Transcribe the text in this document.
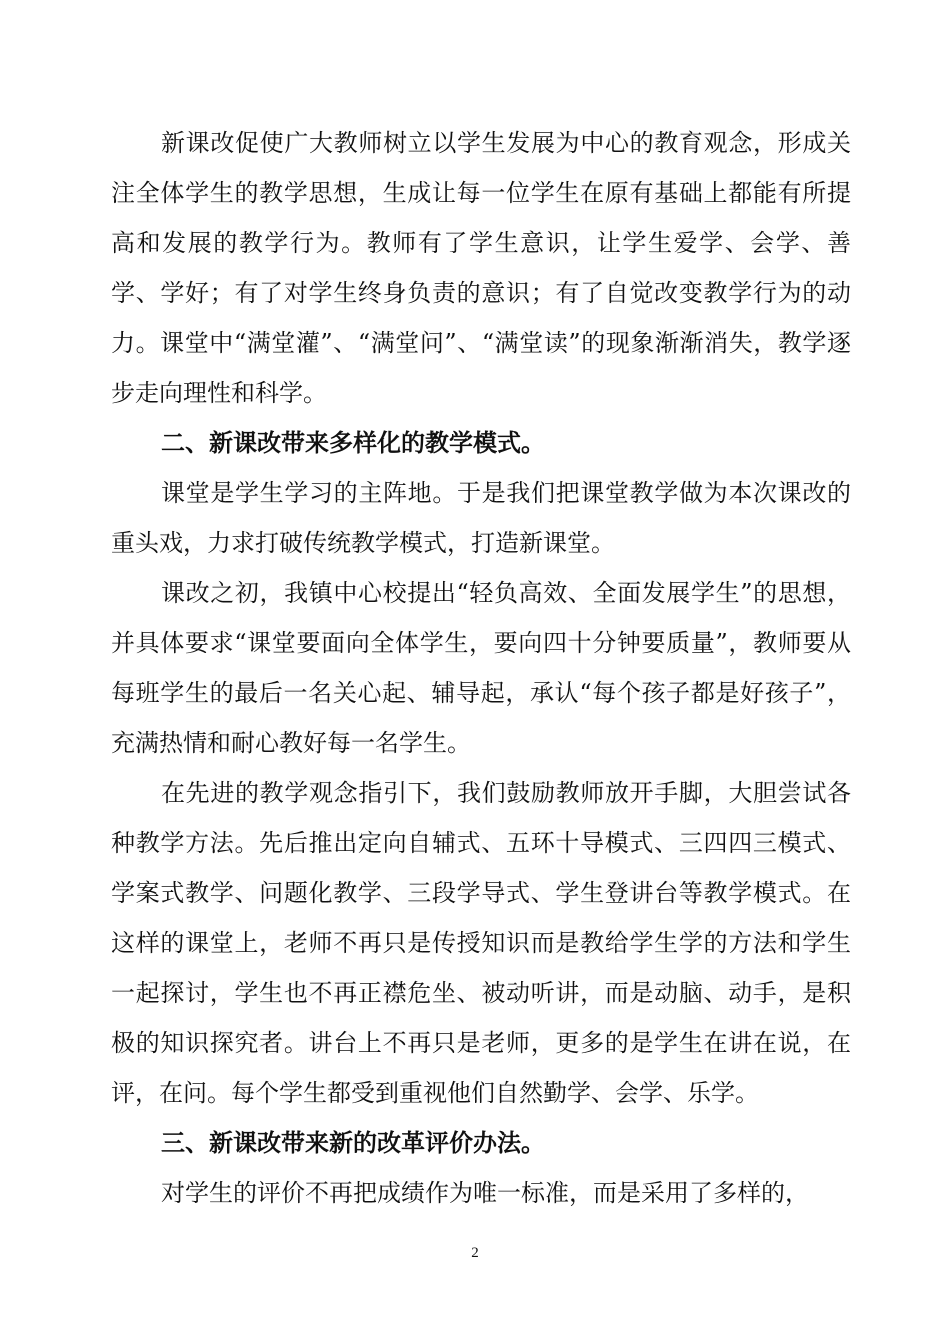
新课改促使广大教师树立以学生发展为中心的教育观念，形成关注全体学生的教学思想，生成让每一位学生在原有基础上都能有所提高和发展的教学行为。教师有了学生意识，让学生爱学、会学、善学、学好；有了对学生终身负责的意识；有了自觉改变教学行为的动力。课堂中“满堂灌”、“满堂问”、“满堂读”的现象渐渐消失，教学逐步走向理性和科学。

二、新课改带来多样化的教学模式。

课堂是学生学习的主阵地。于是我们把课堂教学做为本次课改的重头戏，力求打破传统教学模式，打造新课堂。

课改之初，我镇中心校提出“轻负高效、全面发展学生”的思想，并具体要求“课堂要面向全体学生，要向四十分钟要质量”，教师要从每班学生的最后一名关心起、辅导起，承认“每个孩子都是好孩子”，充满热情和耐心教好每一名学生。

在先进的教学观念指引下，我们鼓励教师放开手脚，大胆尝试各种教学方法。先后推出定向自辅式、五环十导模式、三四四三模式、学案式教学、问题化教学、三段学导式、学生登讲台等教学模式。在这样的课堂上，老师不再只是传授知识而是教给学生学的方法和学生一起探讨，学生也不再正襟危坐、被动听讲，而是动脑、动手，是积极的知识探究者。讲台上不再只是老师，更多的是学生在讲在说，在评，在问。每个学生都受到重视他们自然勤学、会学、乐学。

三、新课改带来新的改革评价办法。

对学生的评价不再把成绩作为唯一标准，而是采用了多样的，

2
